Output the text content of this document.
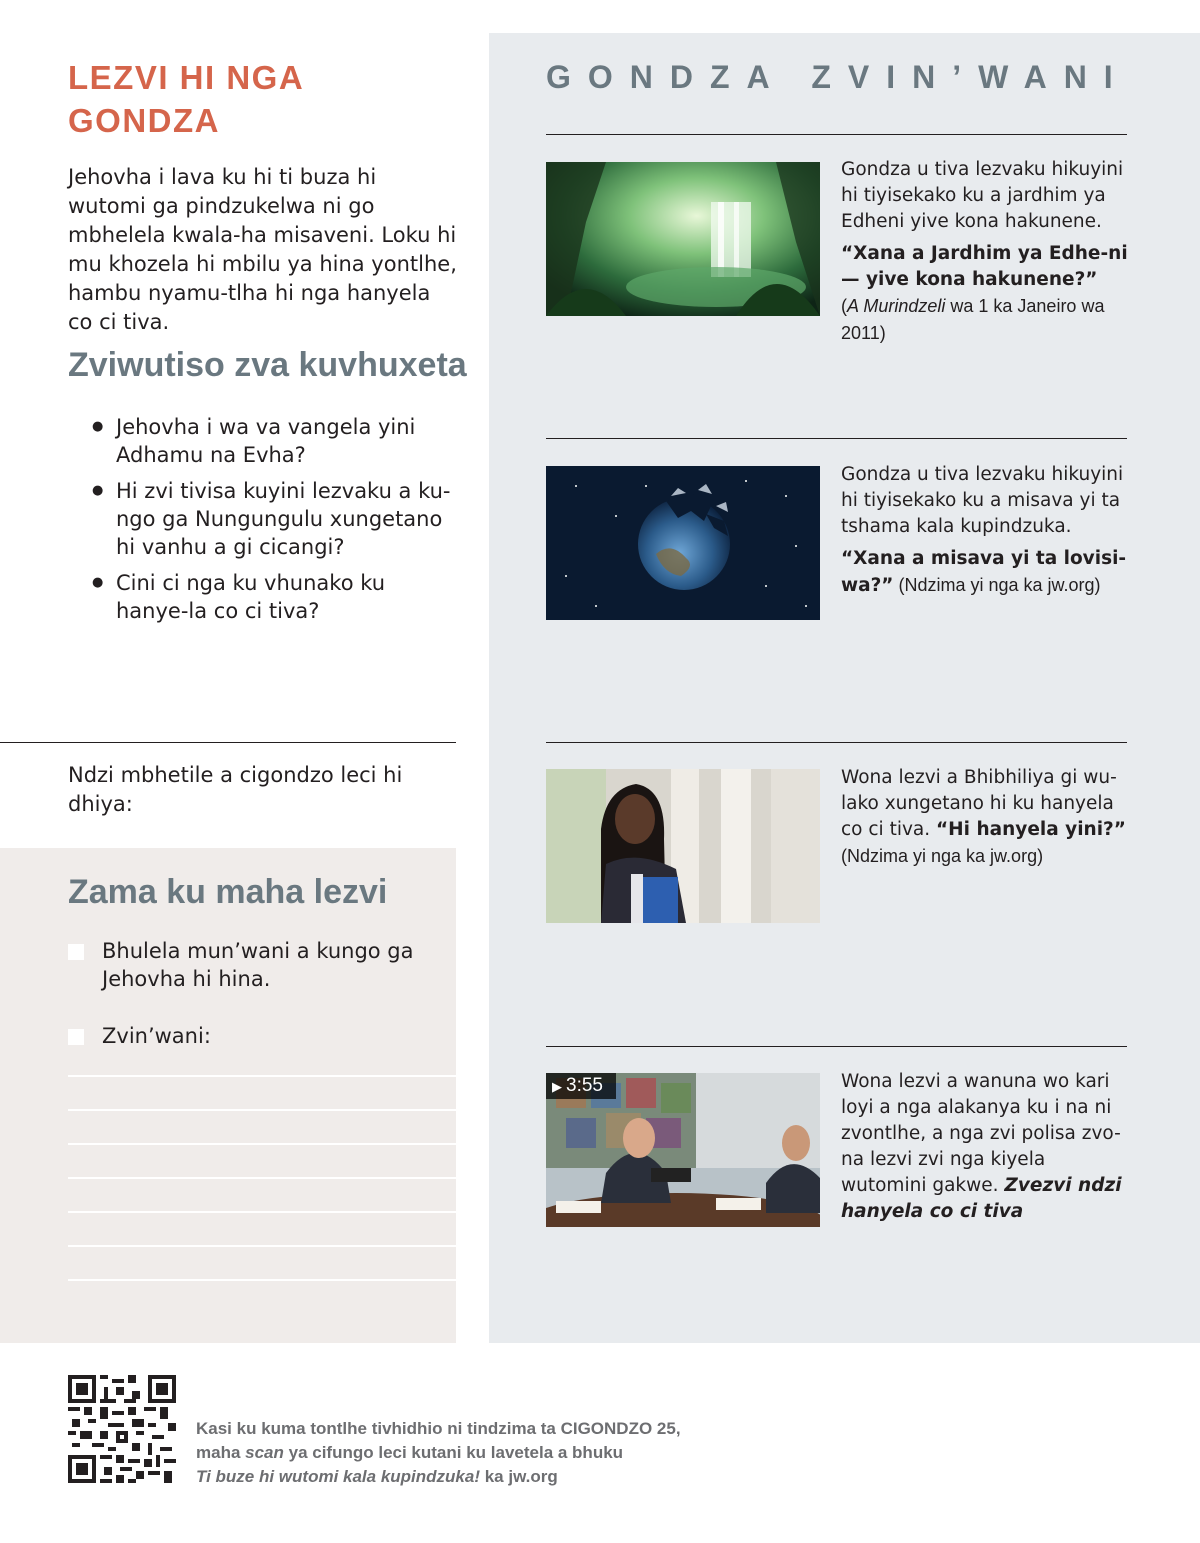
LEZVI HI NGA GONDZA

Jehovha i lava ku hi ti buza hi wutomi ga pindzukelwa ni go mbhelela kwala-ha misaveni. Loku hi mu khozela hi mbilu ya hina yontlhe, hambu nyamu-tlha hi nga hanyela co ci tiva.

Zviwutiso zva kuvhuxeta
● Jehovha i wa va vangela yini Adhamu na Evha?
● Hi zvi tivisa kuyini lezvaku a ku-ngo ga Nungungulu xungetano hi vanhu a gi cicangi?
● Cini ci nga ku vhunako ku hanye-la co ci tiva?

Ndzi mbhetile a cigondzo leci hi dhiya:

Zama ku maha lezvi
Bhulela mun’wani a kungo ga Jehovha hi hina.
Zvin’wani:
GONDZA ZVIN’WANI

Gondza u tiva lezvaku hikuyini hi tiyisekako ku a jardhim ya Edheni yive kona hakunene.

“Xana a Jardhim ya Edhe-ni — yive kona hakunene?”
(A Murindzeli wa 1 ka Janeiro wa 2011)

Gondza u tiva lezvaku hikuyini hi tiyisekako ku a misava yi ta tshama kala kupindzuka.

“Xana a misava yi ta lovisi-wa?” (Ndzima yi nga ka jw.org)

Wona lezvi a Bhibhiliya gi wu-lako xungetano hi ku hanyela co ci tiva. “Hi hanyela yini?”
(Ndzima yi nga ka jw.org)

▶ 3:55	Wona lezvi a wanuna wo kari loyi a nga alakanya ku i na ni zvontlhe, a nga zvi polisa zvo-na lezvi zvi nga kiyela wutomini gakwe. Zvezvi ndzi hanyela co ci tiva

Kasi ku kuma tontlhe tivhidhio ni tindzima ta CIGONDZO 25,
maha scan ya cifungo leci kutani ku lavetela a bhuku
Ti buze hi wutomi kala kupindzuka! ka jw.org
